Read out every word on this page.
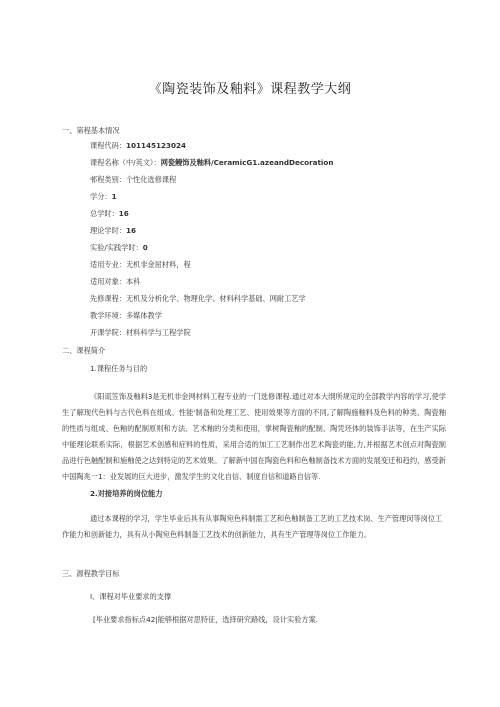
《陶瓷装饰及釉料》课程教学大纲
一、第程基本情况
课程代码：101145123024
课程名称（中/英文）：网瓷鳗饰及釉料/CeramicG1.azeandDecoration
邨程类别：个性化选修课程
学分：1
总学时：16
理论学时：16
实验/实践学时：0
适用专业：无机非金屈材料，程
适用对象：本科
先修课程：无机及分析化学、物理化学、材料科学基础、网耐工艺学
教学环境：多媒体教学
开课学院：材料科学与工程学院
二、课程简介
1.课程任务与目的
《阳谎笠饰及釉料3是无机非金网材料工程专业的一门选修课程.通过对本大纲所规定的全部教学内容的学习,使学生了解现代色料与古代色料在组成、性能'制备和处理工艺、使用效果等方面的不同,了解陶施釉料及色料的种类、陶瓷釉的性质与组成、色釉的配制原则和方法、艺术釉的分类和使用，掌树陶瓷釉的配制、陶凭坯体的装饰手法等，在生产实际中能理论联系实际，根据艺术创感和症料的性质，采用合适的加工工艺制作出艺术陶瓷的能,力,并根据艺术创点对陶瓷制品进行色触配制和施釉使之达到特定的艺术效果。了解新中国在陶瓷色料和色釉制备技术方面的发展变迁和趋约，感受新中国陶兆一1：业发展的巨大进步，激发学生的文化自信、制度自信和道路自信等.
2.对接培养的岗位能力
通过本课程的学习，学生毕业后具有从事陶宛色科制需工艺和色釉制备工艺的工艺技术岗、生产管理闵等岗位工作能力和创新能力，具有从小陶宛色料制备工艺技术的创新能力，具有生产管理等岗位工作能力。
三、源程教学目标
I、课程对毕业要求的支撑
[毕业要求指标点42|能够根据对思特征，选择研究路线，设计实验方案.
